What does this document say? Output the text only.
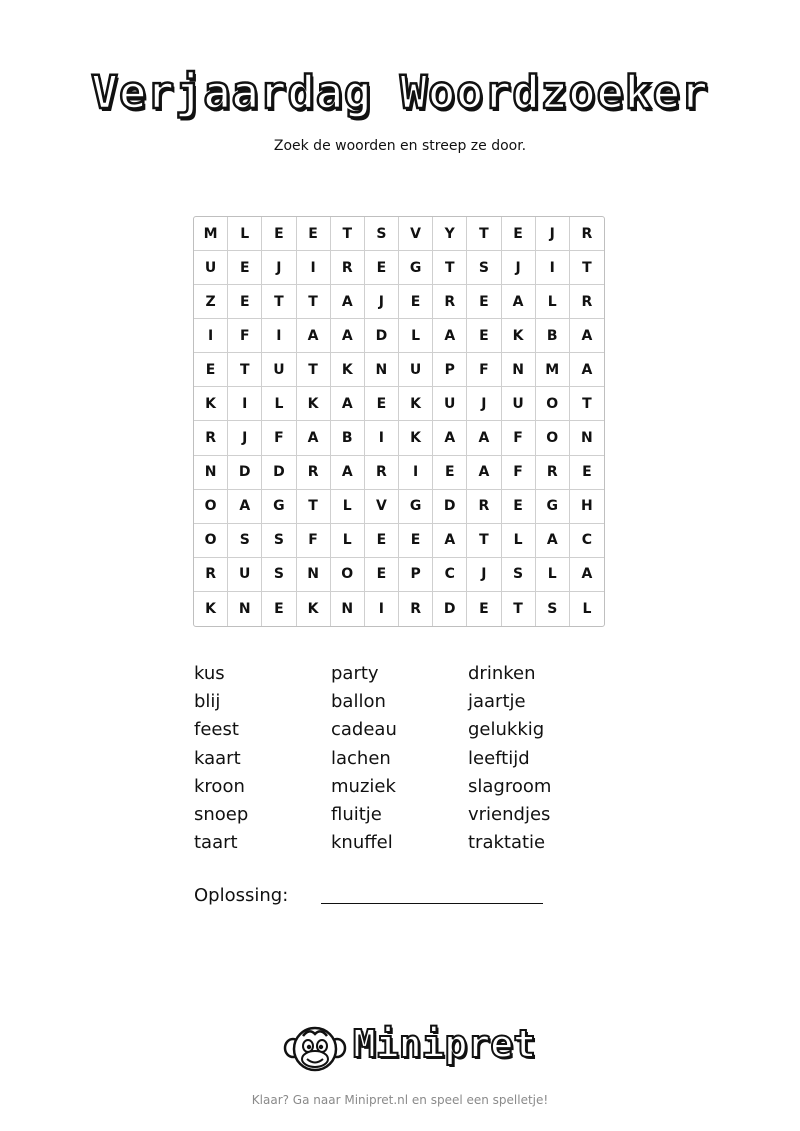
Verjaardag Woordzoeker
Zoek de woorden en streep ze door.
M	L	E	E	T	S	V	Y	T	E	J	R
U	E	J	I	R	E	G	T	S	J	I	T
Z	E	T	T	A	J	E	R	E	A	L	R
I	F	I	A	A	D	L	A	E	K	B	A
E	T	U	T	K	N	U	P	F	N	M	A
K	I	L	K	A	E	K	U	J	U	O	T
R	J	F	A	B	I	K	A	A	F	O	N
N	D	D	R	A	R	I	E	A	F	R	E
O	A	G	T	L	V	G	D	R	E	G	H
O	S	S	F	L	E	E	A	T	L	A	C
R	U	S	N	O	E	P	C	J	S	L	A
K	N	E	K	N	I	R	D	E	T	S	L
kus	party	drinken
blij	ballon	jaartje
feest	cadeau	gelukkig
kaart	lachen	leeftijd
kroon	muziek	slagroom
snoep	fluitje	vriendjes
taart	knuffel	traktatie
Oplossing:
Minipret
Klaar? Ga naar Minipret.nl en speel een spelletje!
